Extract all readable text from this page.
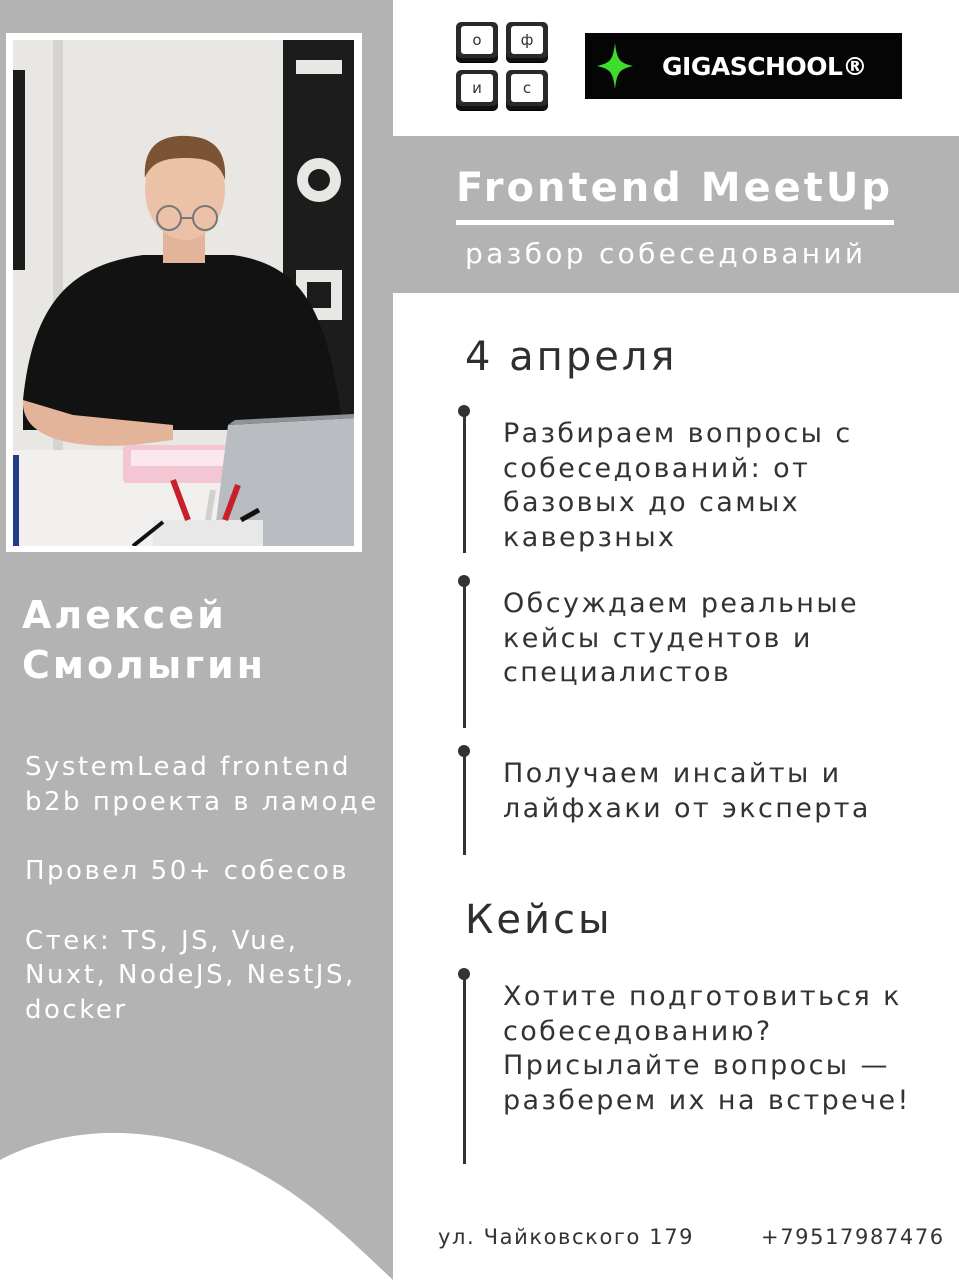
Алексей
Смолыгин

SystemLead frontend b2b проекта в ламоде

Провел 50+ собесов

Стек: TS, JS, Vue, Nuxt, NodeJS, NestJS, docker

о	ф
и	с
GIGASCHOOL®
Frontend MeetUp
разбор собеседований
4 апреля
Разбираем вопросы с собеседований: от базовых до самых каверзных
Обсуждаем реальные кейсы студентов и специалистов
Получаем инсайты и лайфхаки от эксперта
Кейсы
Хотите подготовиться к собеседованию? Присылайте вопросы — разберем их на встрече!
ул. Чайковского 179	+79517987476
